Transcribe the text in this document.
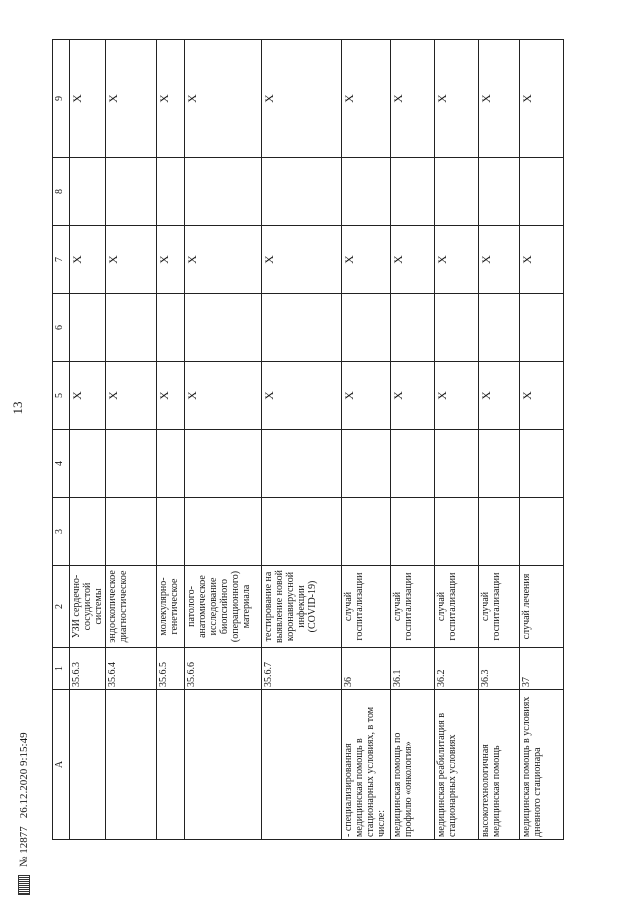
13
№ 12877
26.12.2020 9:15:49 А	1	2	3	4	5	6	7	8	9
	35.6.3	УЗИ сердечно-сосудистой системы			Х		Х		Х
	35.6.4	эндоскопическое диагностическое			Х		Х		Х
	35.6.5	молекулярно-генетическое			Х		Х		Х
	35.6.6	патолого-анатомическое исследование биопсийного (операционного) материала			Х		Х		Х
	35.6.7	тестирование на выявление новой коронавирусной инфекции (COVID-19)			Х		Х		Х
- специализированная медицинская помощь в стационарных условиях, в том числе:	36	случай госпитализации			Х		Х		Х
медицинская помощь по профилю «онкология»	36.1	случай госпитализации			Х		Х		Х
медицинская реабилитация в стационарных условиях	36.2	случай госпитализации			Х		Х		Х
высокотехнологичная медицинская помощь	36.3	случай госпитализации			Х		Х		Х
медицинская помощь в условиях дневного стационара	37	случай лечения			Х		Х		Х
